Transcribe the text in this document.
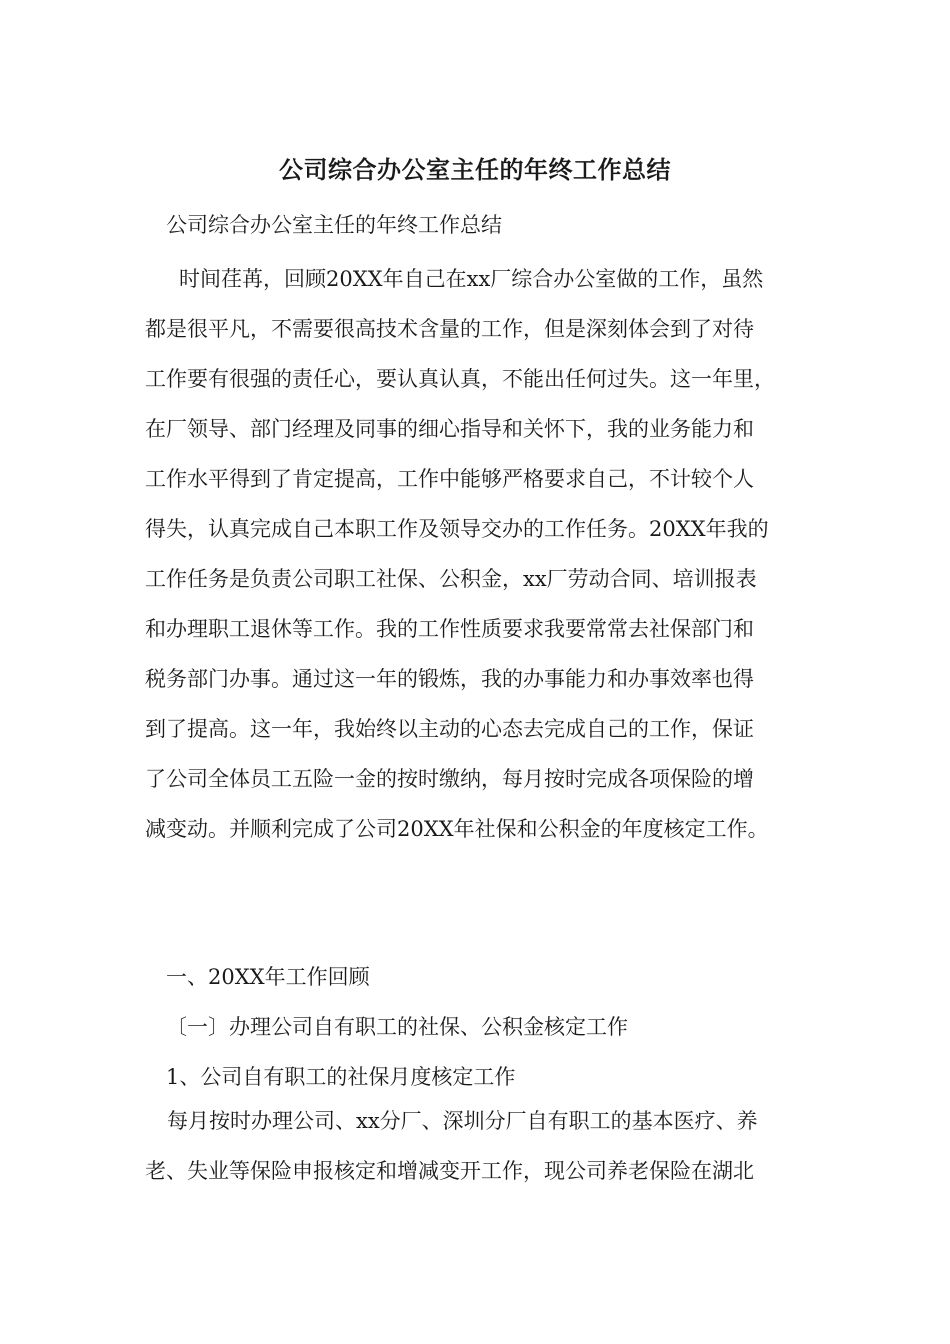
公司综合办公室主任的年终工作总结

公司综合办公室主任的年终工作总结

时间荏苒，回顾20XX年自己在xx厂综合办公室做的工作，虽然
都是很平凡，不需要很高技术含量的工作，但是深刻体会到了对待
工作要有很强的责任心，要认真认真，不能出任何过失。这一年里，
在厂领导、部门经理及同事的细心指导和关怀下，我的业务能力和
工作水平得到了肯定提高，工作中能够严格要求自己，不计较个人
得失，认真完成自己本职工作及领导交办的工作任务。20XX年我的
工作任务是负责公司职工社保、公积金，xx厂劳动合同、培训报表
和办理职工退休等工作。我的工作性质要求我要常常去社保部门和
税务部门办事。通过这一年的锻炼，我的办事能力和办事效率也得
到了提高。这一年，我始终以主动的心态去完成自己的工作，保证
了公司全体员工五险一金的按时缴纳，每月按时完成各项保险的增
减变动。并顺利完成了公司20XX年社保和公积金的年度核定工作。
一、20XX年工作回顾
〔一〕办理公司自有职工的社保、公积金核定工作
1、公司自有职工的社保月度核定工作
每月按时办理公司、xx分厂、深圳分厂自有职工的基本医疗、养
老、失业等保险申报核定和增减变开工作，现公司养老保险在湖北
